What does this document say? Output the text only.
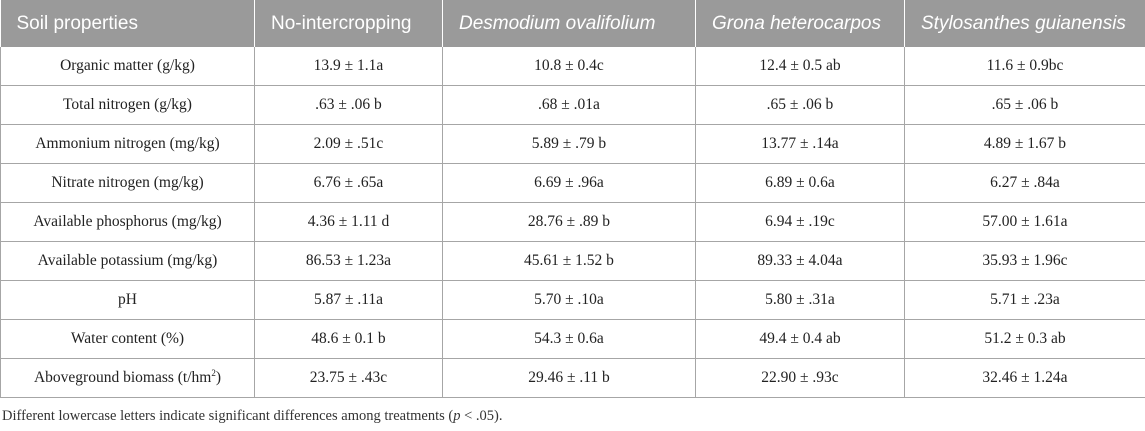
Soil properties	No-intercropping	Desmodium ovalifolium	Grona heterocarpos	Stylosanthes guianensis
Organic matter (g/kg)	13.9 ± 1.1a	10.8 ± 0.4c	12.4 ± 0.5 ab	11.6 ± 0.9bc
Total nitrogen (g/kg)	.63 ± .06 b	.68 ± .01a	.65 ± .06 b	.65 ± .06 b
Ammonium nitrogen (mg/kg)	2.09 ± .51c	5.89 ± .79 b	13.77 ± .14a	4.89 ± 1.67 b
Nitrate nitrogen (mg/kg)	6.76 ± .65a	6.69 ± .96a	6.89 ± 0.6a	6.27 ± .84a
Available phosphorus (mg/kg)	4.36 ± 1.11 d	28.76 ± .89 b	6.94 ± .19c	57.00 ± 1.61a
Available potassium (mg/kg)	86.53 ± 1.23a	45.61 ± 1.52 b	89.33 ± 4.04a	35.93 ± 1.96c
pH	5.87 ± .11a	5.70 ± .10a	5.80 ± .31a	5.71 ± .23a
Water content (%)	48.6 ± 0.1 b	54.3 ± 0.6a	49.4 ± 0.4 ab	51.2 ± 0.3 ab
Aboveground biomass $(t/hm^2)$	23.75 ± .43c	29.46 ± .11 b	22.90 ± .93c	32.46 ± 1.24a
Different lowercase letters indicate significant differences among treatments (p < .05).
